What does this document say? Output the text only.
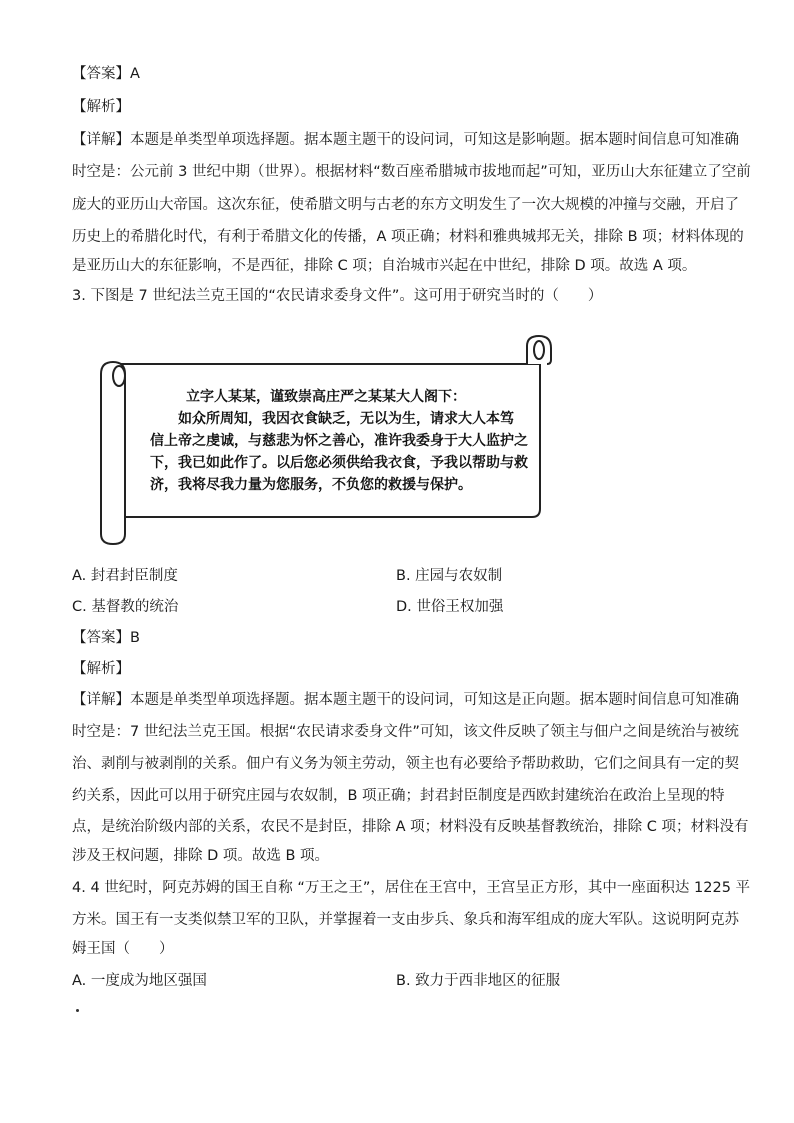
【答案】A
【解析】
【详解】本题是单类型单项选择题。据本题主题干的设问词，可知这是影响题。据本题时间信息可知准确
时空是：公元前 3 世纪中期（世界）。根据材料“数百座希腊城市拔地而起”可知，亚历山大东征建立了空前
庞大的亚历山大帝国。这次东征，使希腊文明与古老的东方文明发生了一次大规模的冲撞与交融，开启了
历史上的希腊化时代，有利于希腊文化的传播，A 项正确；材料和雅典城邦无关，排除 B 项；材料体现的
是亚历山大的东征影响，不是西征，排除 C 项；自治城市兴起在中世纪，排除 D 项。故选 A 项。
3. 下图是 7 世纪法兰克王国的“农民请求委身文件”。这可用于研究当时的（　　）
立字人某某，谨致崇高庄严之某某大人阁下：
　　如众所周知，我因衣食缺乏，无以为生，请求大人本笃
信上帝之虔诚，与慈悲为怀之善心，准许我委身于大人监护之
下，我已如此作了。以后您必须供给我衣食，予我以帮助与救
济，我将尽我力量为您服务，不负您的救援与保护。
A. 封君封臣制度	B. 庄园与农奴制
C. 基督教的统治	D. 世俗王权加强
【答案】B
【解析】
【详解】本题是单类型单项选择题。据本题主题干的设问词，可知这是正向题。据本题时间信息可知准确
时空是：7 世纪法兰克王国。根据“农民请求委身文件”可知，该文件反映了领主与佃户之间是统治与被统
治、剥削与被剥削的关系。佃户有义务为领主劳动，领主也有必要给予帮助救助，它们之间具有一定的契
约关系，因此可以用于研究庄园与农奴制，B 项正确；封君封臣制度是西欧封建统治在政治上呈现的特
点，是统治阶级内部的关系，农民不是封臣，排除 A 项；材料没有反映基督教统治，排除 C 项；材料没有
涉及王权问题，排除 D 项。故选 B 项。
4. 4 世纪时，阿克苏姆的国王自称 “万王之王”，居住在王宫中，王宫呈正方形，其中一座面积达 1225 平
方米。国王有一支类似禁卫军的卫队，并掌握着一支由步兵、象兵和海军组成的庞大军队。这说明阿克苏
姆王国（　　）
A. 一度成为地区强国	B. 致力于西非地区的征服
